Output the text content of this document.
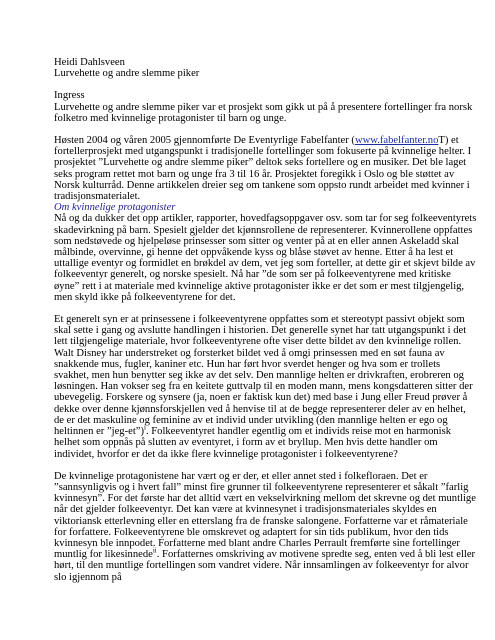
Heidi Dahlsveen

Lurvehette og andre slemme piker

Ingress

Lurvehette og andre slemme piker var et prosjekt som gikk ut på å presentere fortellinger fra norsk folketro med kvinnelige protagonister til barn og unge.

Høsten 2004 og våren 2005 gjennomførte De Eventyrlige Fabelfanter (www.fabelfanter.noT) et fortellerprosjekt med utgangspunkt i tradisjonelle fortellinger som fokuserte på kvinnelige helter. I prosjektet ”Lurvehette og andre slemme piker” deltok seks fortellere og en musiker. Det ble laget seks program rettet mot barn og unge fra 3 til 16 år. Prosjektet foregikk i Oslo og ble støttet av Norsk kulturråd. Denne artikkelen dreier seg om tankene som oppsto rundt arbeidet med kvinner i tradisjonsmaterialet.

Om kvinnelige protagonister

Nå og da dukker det opp artikler, rapporter, hovedfagsoppgaver osv. som tar for seg folkeeventyrets skadevirkning på barn. Spesielt gjelder det kjønnsrollene de representerer. Kvinnerollene oppfattes som nedstøvede og hjelpeløse prinsesser som sitter og venter på at en eller annen Askeladd skal målbinde, overvinne, gi henne det oppvåkende kyss og blåse støvet av henne. Etter å ha lest et uttallige eventyr og formidlet en brøkdel av dem, vet jeg som forteller, at dette gir et skjevt bilde av folkeeventyr generelt, og norske spesielt. Nå har ”de som ser på folkeeventyrene med kritiske øyne” rett i at materiale med kvinnelige aktive protagonister ikke er det som er mest tilgjengelig, men skyld ikke på folkeeventyrene for det.

Et generelt syn er at prinsessene i folkeeventyrene oppfattes som et stereotypt passivt objekt som skal sette i gang og avslutte handlingen i historien. Det generelle synet har tatt utgangspunkt i det lett tilgjengelige materiale, hvor folkeeventyrene ofte viser dette bildet av den kvinnelige rollen. Walt Disney har understreket og forsterket bildet ved å omgi prinsessen med en søt fauna av snakkende mus, fugler, kaniner etc. Hun har ført hvor sverdet henger og hva som er trollets svakhet, men hun benytter seg ikke av det selv. Den mannlige helten er drivkraften, erobreren og løsningen. Han vokser seg fra en keitete guttvalp til en moden mann, mens kongsdatteren sitter der ubevegelig. Forskere og synsere (ja, noen er faktisk kun det) med base i Jung eller Freud prøver å dekke over denne kjønnsforskjellen ved å henvise til at de begge representerer deler av en helhet, de er det maskuline og feminine av et individ under utvikling (den mannlige helten er ego og heltinnen er ”jeg-et”)$^i$. Folkeeventyret handler egentlig om et individs reise mot en harmonisk helhet som oppnås på slutten av eventyret, i form av et bryllup. Men hvis dette handler om individet, hvorfor er det da ikke flere kvinnelige protagonister i folkeeventyrene?

De kvinnelige protagonistene har vært og er der, et eller annet sted i folkefloraen. Det er ”sannsynligvis og i hvert fall” minst fire grunner til folkeeventyrene representerer et såkalt ”farlig kvinnesyn”. For det første har det alltid vært en vekselvirkning mellom det skrevne og det muntlige når det gjelder folkeeventyr. Det kan være at kvinnesynet i tradisjonsmateriales skyldes en viktoriansk etterlevning eller en etterslang fra de franske salongene. Forfatterne var et råmateriale for forfattere. Folkeeventyrene ble omskrevet og adaptert for sin tids publikum, hvor den tids kvinnesyn ble innpodet. Forfatterne med blant andre Charles Perrault fremførte sine fortellinger muntlig for likesinnede$^{ii}$. Forfatternes omskriving av motivene spredte seg, enten ved å bli lest eller hørt, til den muntlige fortellingen som vandret videre. Når innsamlingen av folkeeventyr for alvor slo igjennom på
